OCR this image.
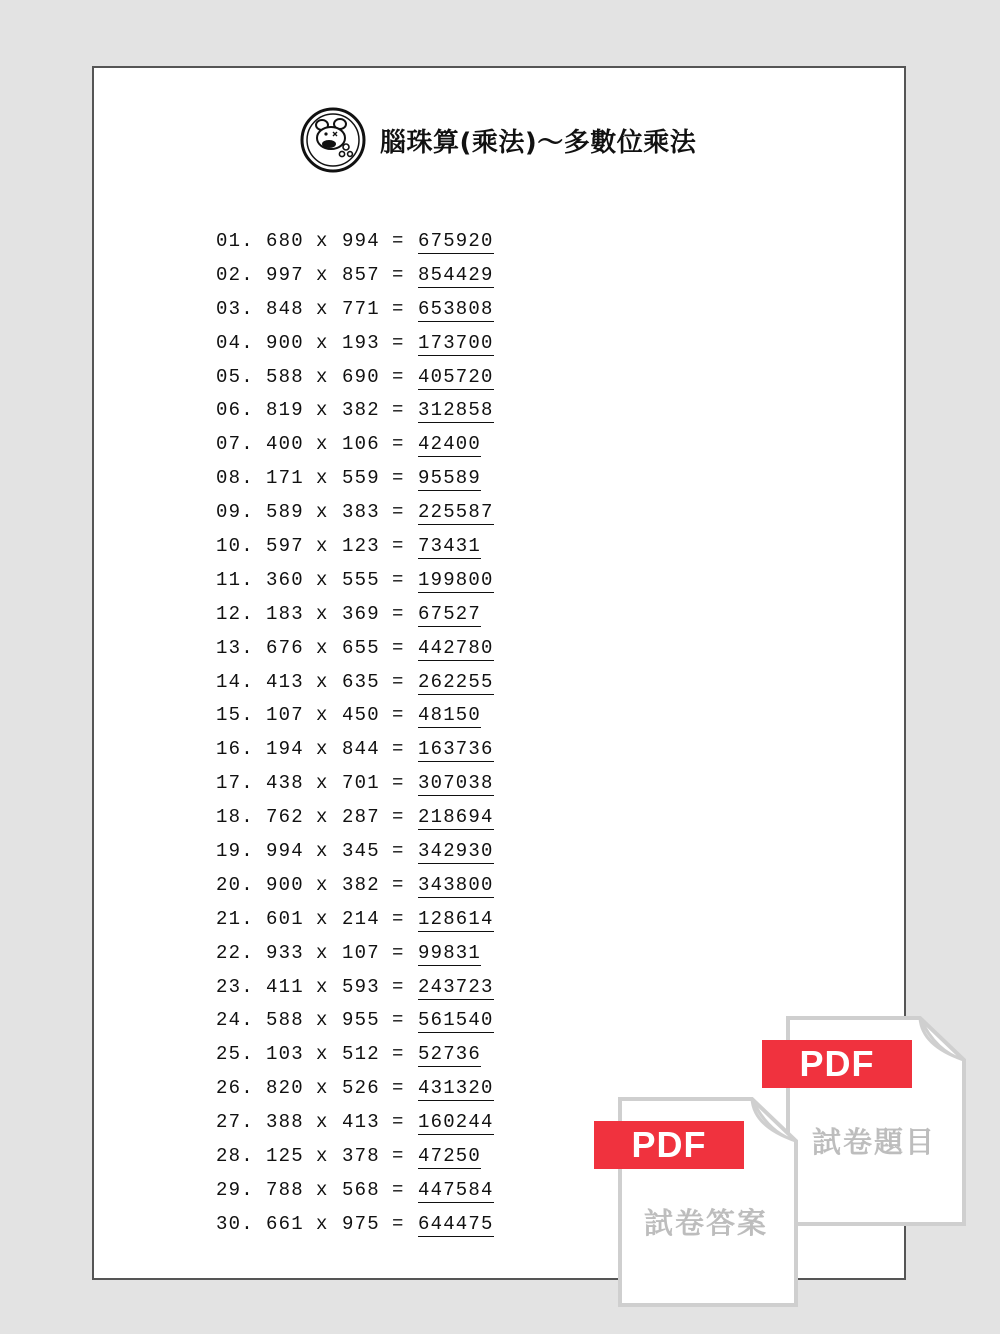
腦珠算(乘法)～多數位乘法
01. 680 x 994 = 675920
02. 997 x 857 = 854429
03. 848 x 771 = 653808
04. 900 x 193 = 173700
05. 588 x 690 = 405720
06. 819 x 382 = 312858
07. 400 x 106 = 42400
08. 171 x 559 = 95589
09. 589 x 383 = 225587
10. 597 x 123 = 73431
11. 360 x 555 = 199800
12. 183 x 369 = 67527
13. 676 x 655 = 442780
14. 413 x 635 = 262255
15. 107 x 450 = 48150
16. 194 x 844 = 163736
17. 438 x 701 = 307038
18. 762 x 287 = 218694
19. 994 x 345 = 342930
20. 900 x 382 = 343800
21. 601 x 214 = 128614
22. 933 x 107 = 99831
23. 411 x 593 = 243723
24. 588 x 955 = 561540
25. 103 x 512 = 52736
26. 820 x 526 = 431320
27. 388 x 413 = 160244
28. 125 x 378 = 47250
29. 788 x 568 = 447584
30. 661 x 975 = 644475
PDF
試卷題目
PDF
試卷答案
